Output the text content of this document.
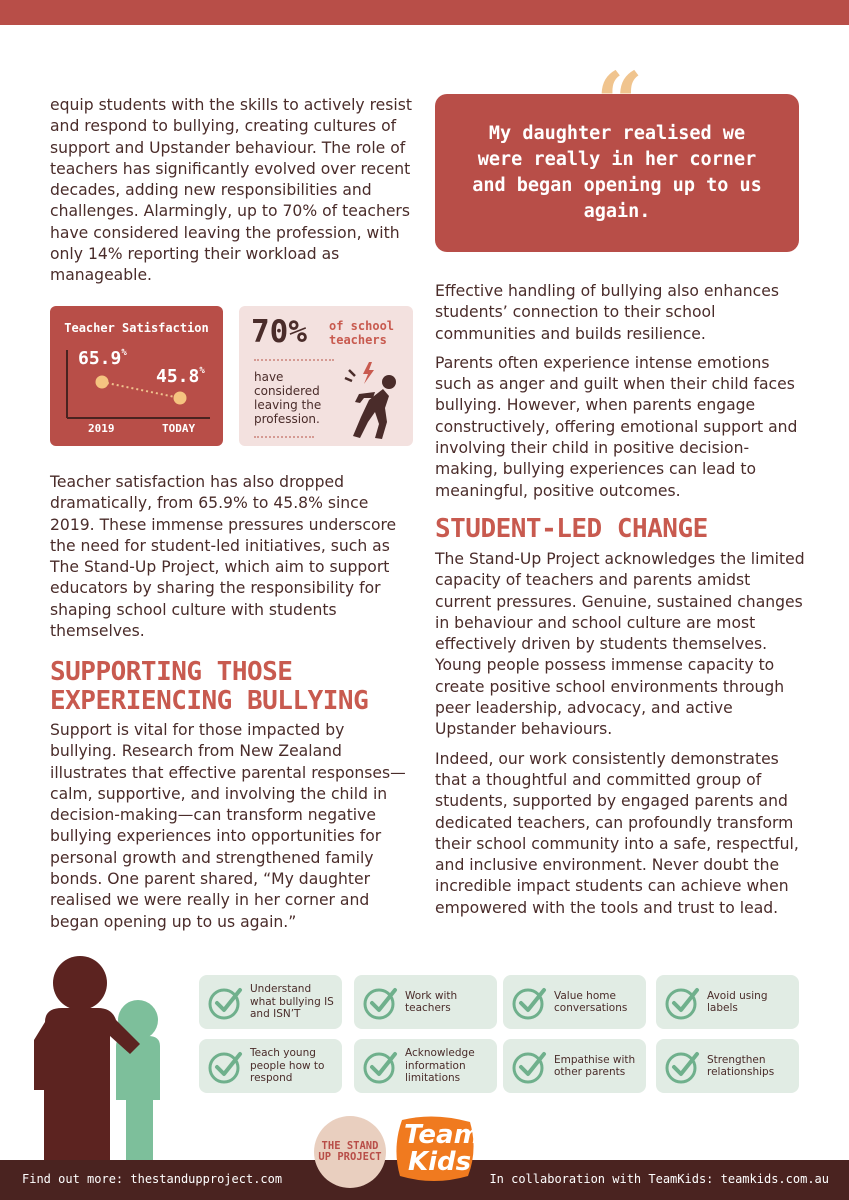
equip students with the skills to actively resist and respond to bullying, creating cultures of support and Upstander behaviour. The role of teachers has significantly evolved over recent decades, adding new responsibilities and challenges. Alarmingly, up to 70% of teachers have considered leaving the profession, with only 14% reporting their workload as manageable.

Teacher Satisfaction
65.9%
45.8%
2019	TODAY
70% of school teachers
have considered leaving the profession.

Teacher satisfaction has also dropped dramatically, from 65.9% to 45.8% since 2019. These immense pressures underscore the need for student-led initiatives, such as The Stand-Up Project, which aim to support educators by sharing the responsibility for shaping school culture with students themselves.

SUPPORTING THOSE EXPERIENCING BULLYING

Support is vital for those impacted by bullying. Research from New Zealand illustrates that effective parental responses—calm, supportive, and involving the child in decision-making—can transform negative bullying experiences into opportunities for personal growth and strengthened family bonds. One parent shared, “My daughter realised we were really in her corner and began opening up to us again.”

My daughter realised we were really in her corner and began opening up to us again.

Effective handling of bullying also enhances students’ connection to their school communities and builds resilience.

Parents often experience intense emotions such as anger and guilt when their child faces bullying. However, when parents engage constructively, offering emotional support and involving their child in positive decision-making, bullying experiences can lead to meaningful, positive outcomes.

STUDENT-LED CHANGE

The Stand-Up Project acknowledges the limited capacity of teachers and parents amidst current pressures. Genuine, sustained changes in behaviour and school culture are most effectively driven by students themselves. Young people possess immense capacity to create positive school environments through peer leadership, advocacy, and active Upstander behaviours.

Indeed, our work consistently demonstrates that a thoughtful and committed group of students, supported by engaged parents and dedicated teachers, can profoundly transform their school community into a safe, respectful, and inclusive environment. Never doubt the incredible impact students can achieve when empowered with the tools and trust to lead.

Understand what bullying IS and ISN’T
Work with teachers
Value home conversations
Avoid using labels
Teach young people how to respond
Acknowledge information limitations
Empathise with other parents
Strengthen relationships
Find out more: thestandupproject.com	In collaboration with TeamKids: teamkids.com.au
THE STAND UP PROJECT
Team
Kids
